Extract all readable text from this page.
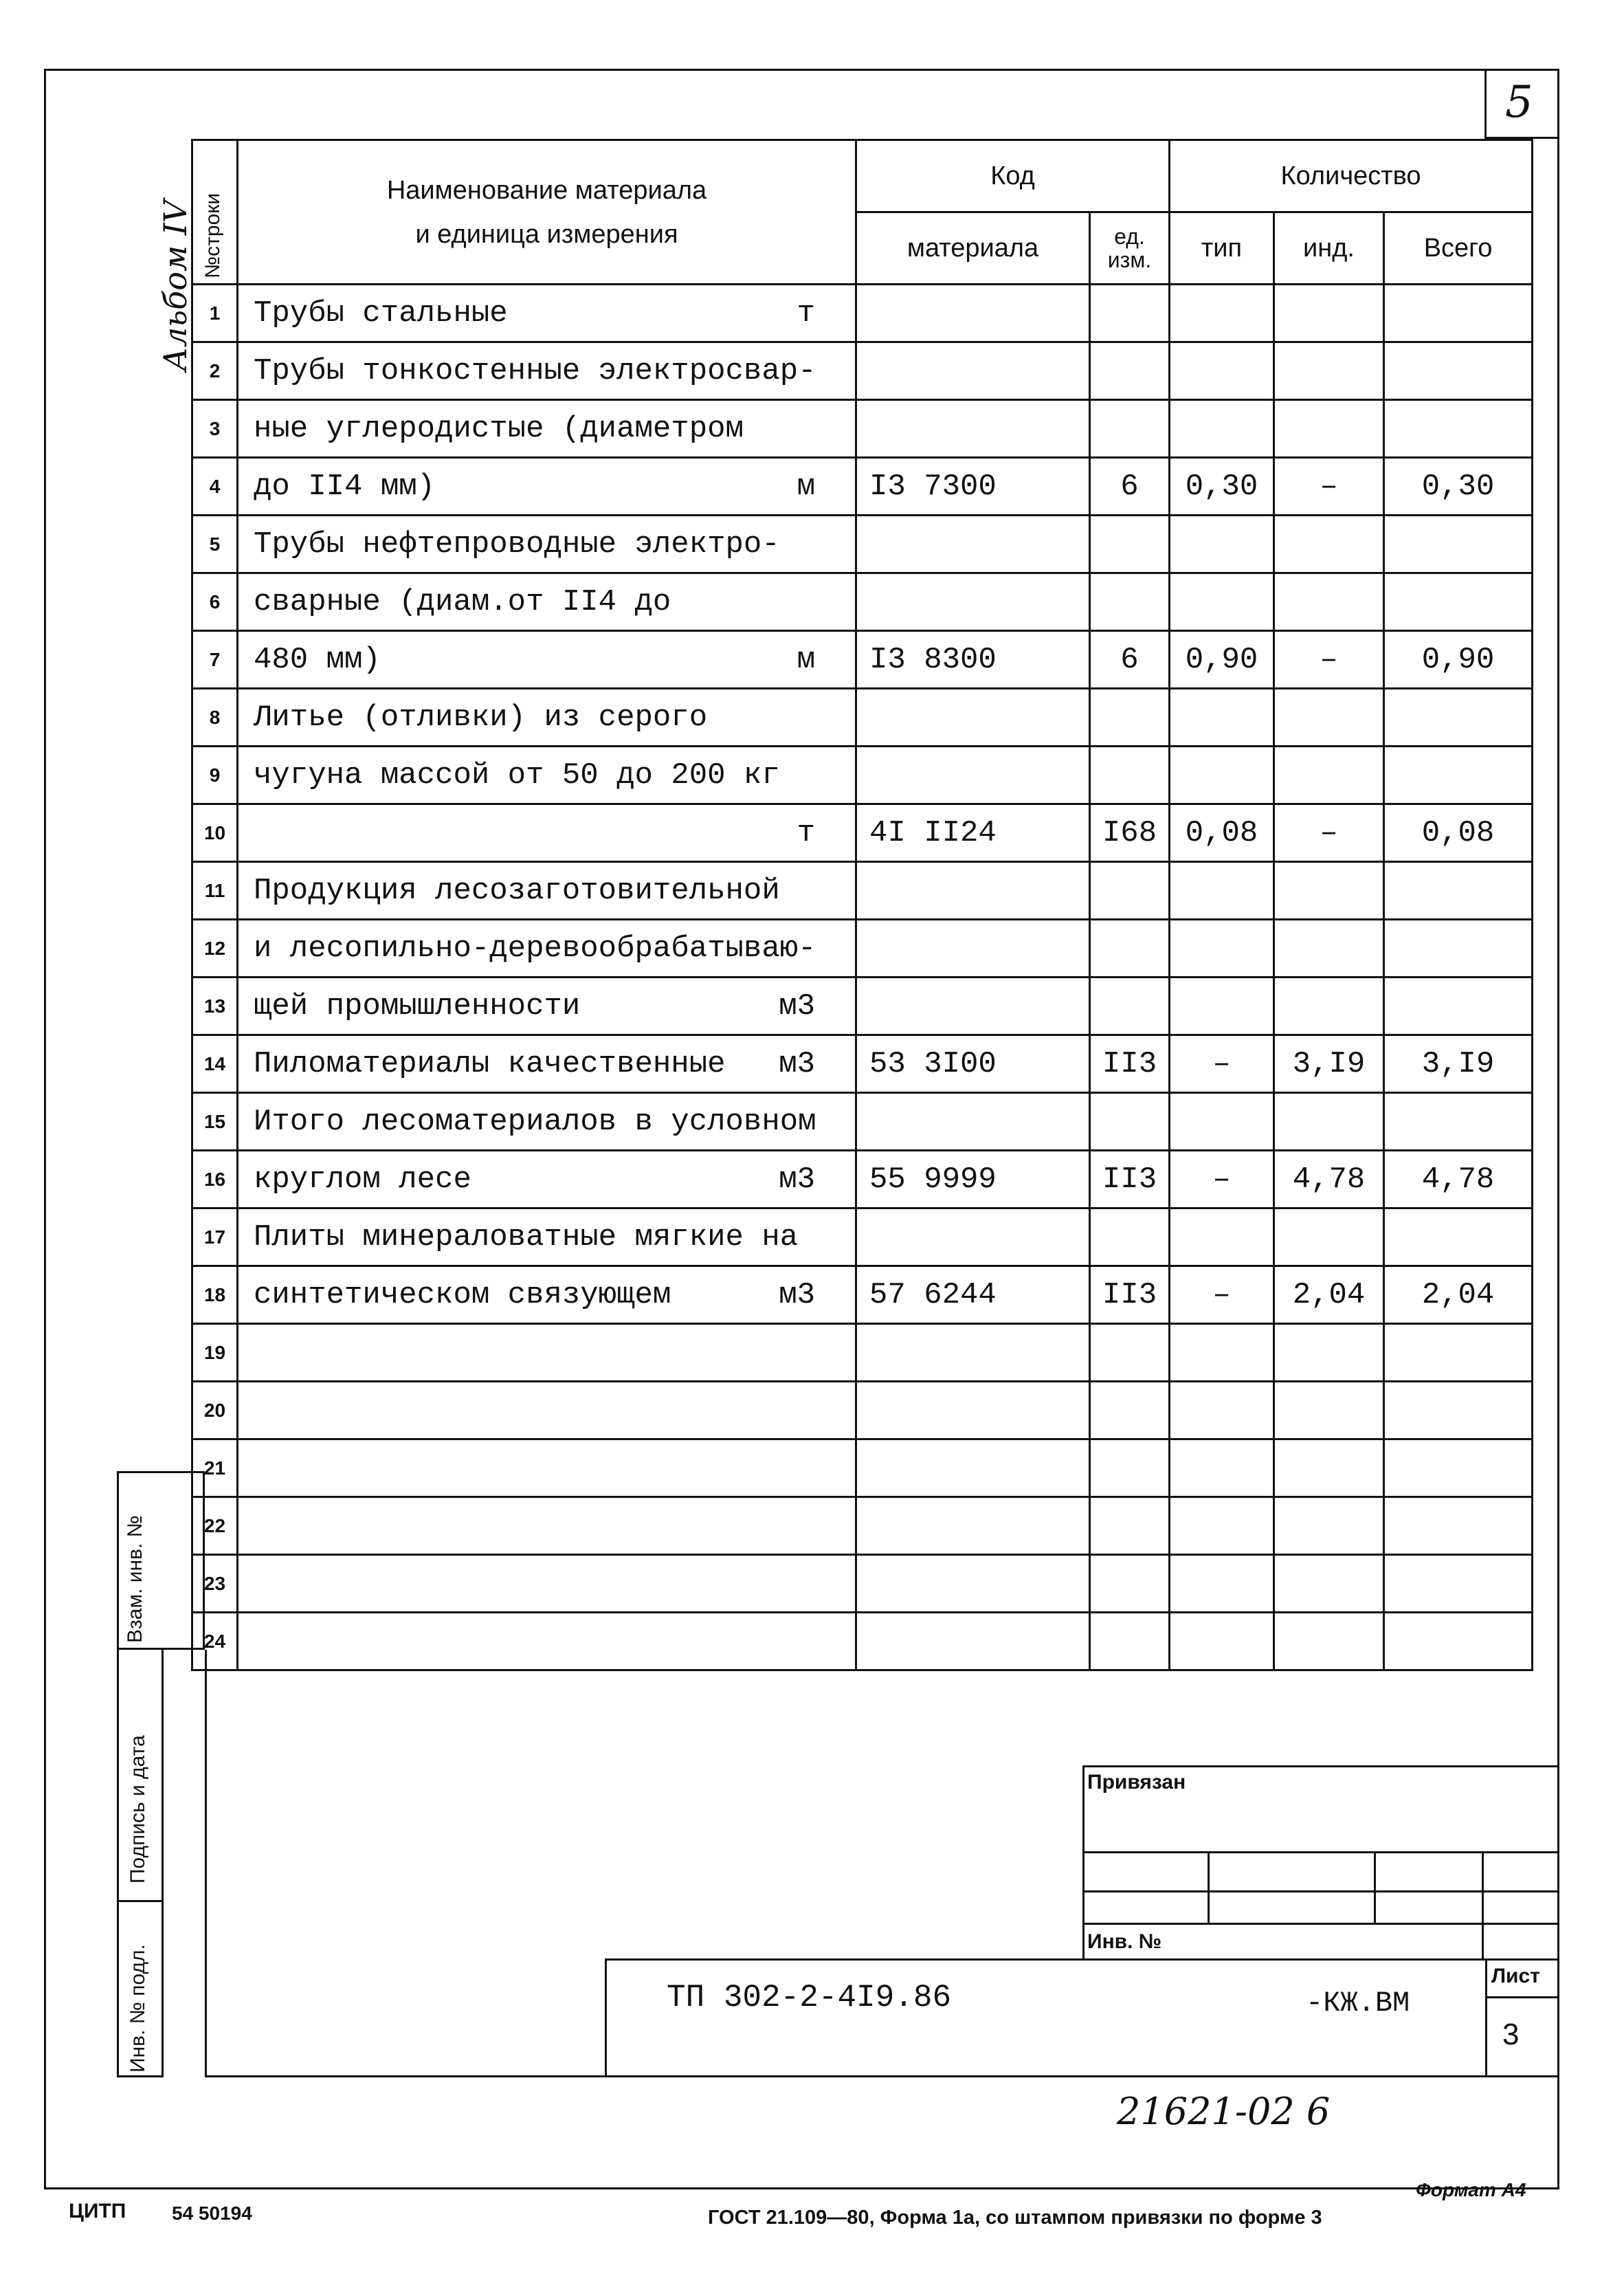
5
Альбом IV №строки	Наименование материала
и единица измерения	Код		Количество		
		материала	ед. изм.	тип	инд.	Всего
1	Трубы стальные т					

2	Трубы тонкостенные электросвар-

3	ные углеродистые (диаметром

4	до II4 мм) м	I3 7300	6	0,30	–	0,30
5	Трубы нефтепроводные электро-

6	сварные (диам.от II4 до

7	480 мм) м	I3 8300	6	0,90	–	0,90
8	Литье (отливки) из серого

9	чугуна массой от 50 до 200 кг

10	т	4I II24	I68	0,08	–	0,08
11	Продукция лесозаготовительной

12	и лесопильно-деревообрабатываю-

13	щей промышленности м3					

14	Пиломатериалы качественные м3	53 3I00	II3	–	3,I9	3,I9
15	Итого лесоматериалов в условном

16	круглом лесе м3	55 9999	II3	–	4,78	4,78
17	Плиты минераловатные мягкие на

18	синтетическом связующем м3	57 6244	II3	–	2,04	2,04
19	

20	

21	

22	

23	

24	

Взам. инв. №
Подпись и дата
Инв. № подл.
Привязан
Инв. №
ТП 302-2-4I9.86	-КЖ.ВМ
Лист
3
21621-02 6
ЦИТП 54 50194
Формат А4
ГОСТ 21.109—80, Форма 1а, со штампом привязки по форме 3
